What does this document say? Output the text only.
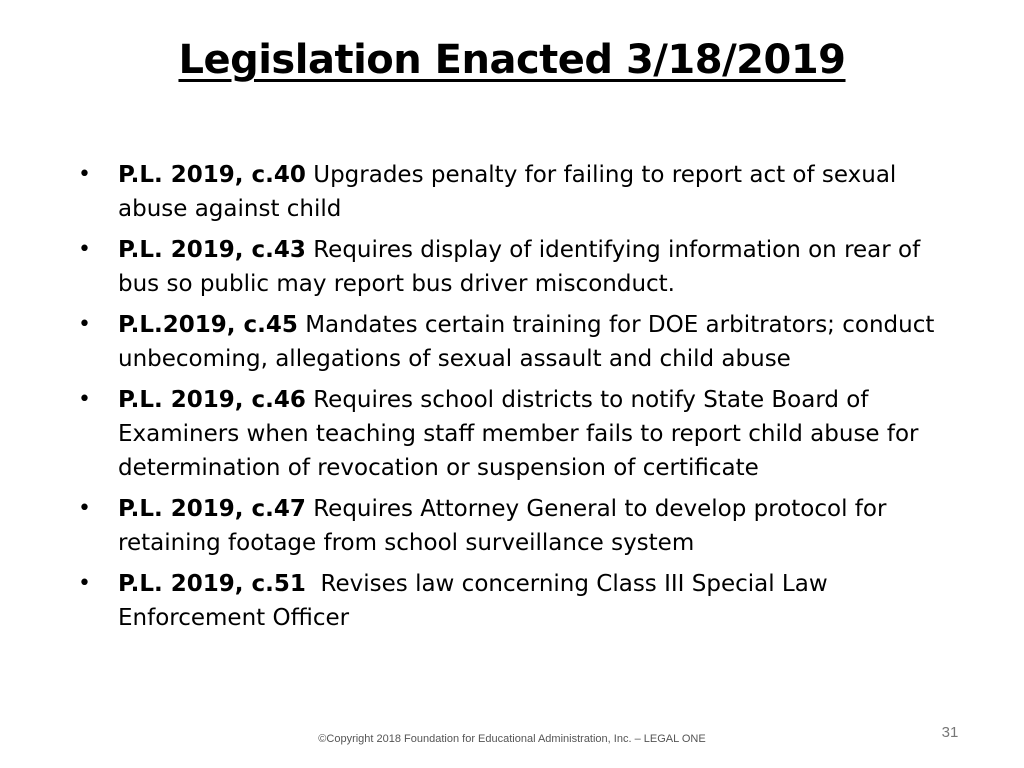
Legislation Enacted 3/18/2019
• P.L. 2019, c.40 Upgrades penalty for failing to report act of sexual abuse against child
• P.L. 2019, c.43 Requires display of identifying information on rear of bus so public may report bus driver misconduct.
• P.L.2019, c.45 Mandates certain training for DOE arbitrators; conduct unbecoming, allegations of sexual assault and child abuse
• P.L. 2019, c.46 Requires school districts to notify State Board of Examiners when teaching staff member fails to report child abuse for determination of revocation or suspension of certificate
• P.L. 2019, c.47 Requires Attorney General to develop protocol for retaining footage from school surveillance system
• P.L. 2019, c.51  Revises law concerning Class III Special Law Enforcement Officer
©Copyright 2018 Foundation for Educational Administration, Inc. – LEGAL ONE	31
